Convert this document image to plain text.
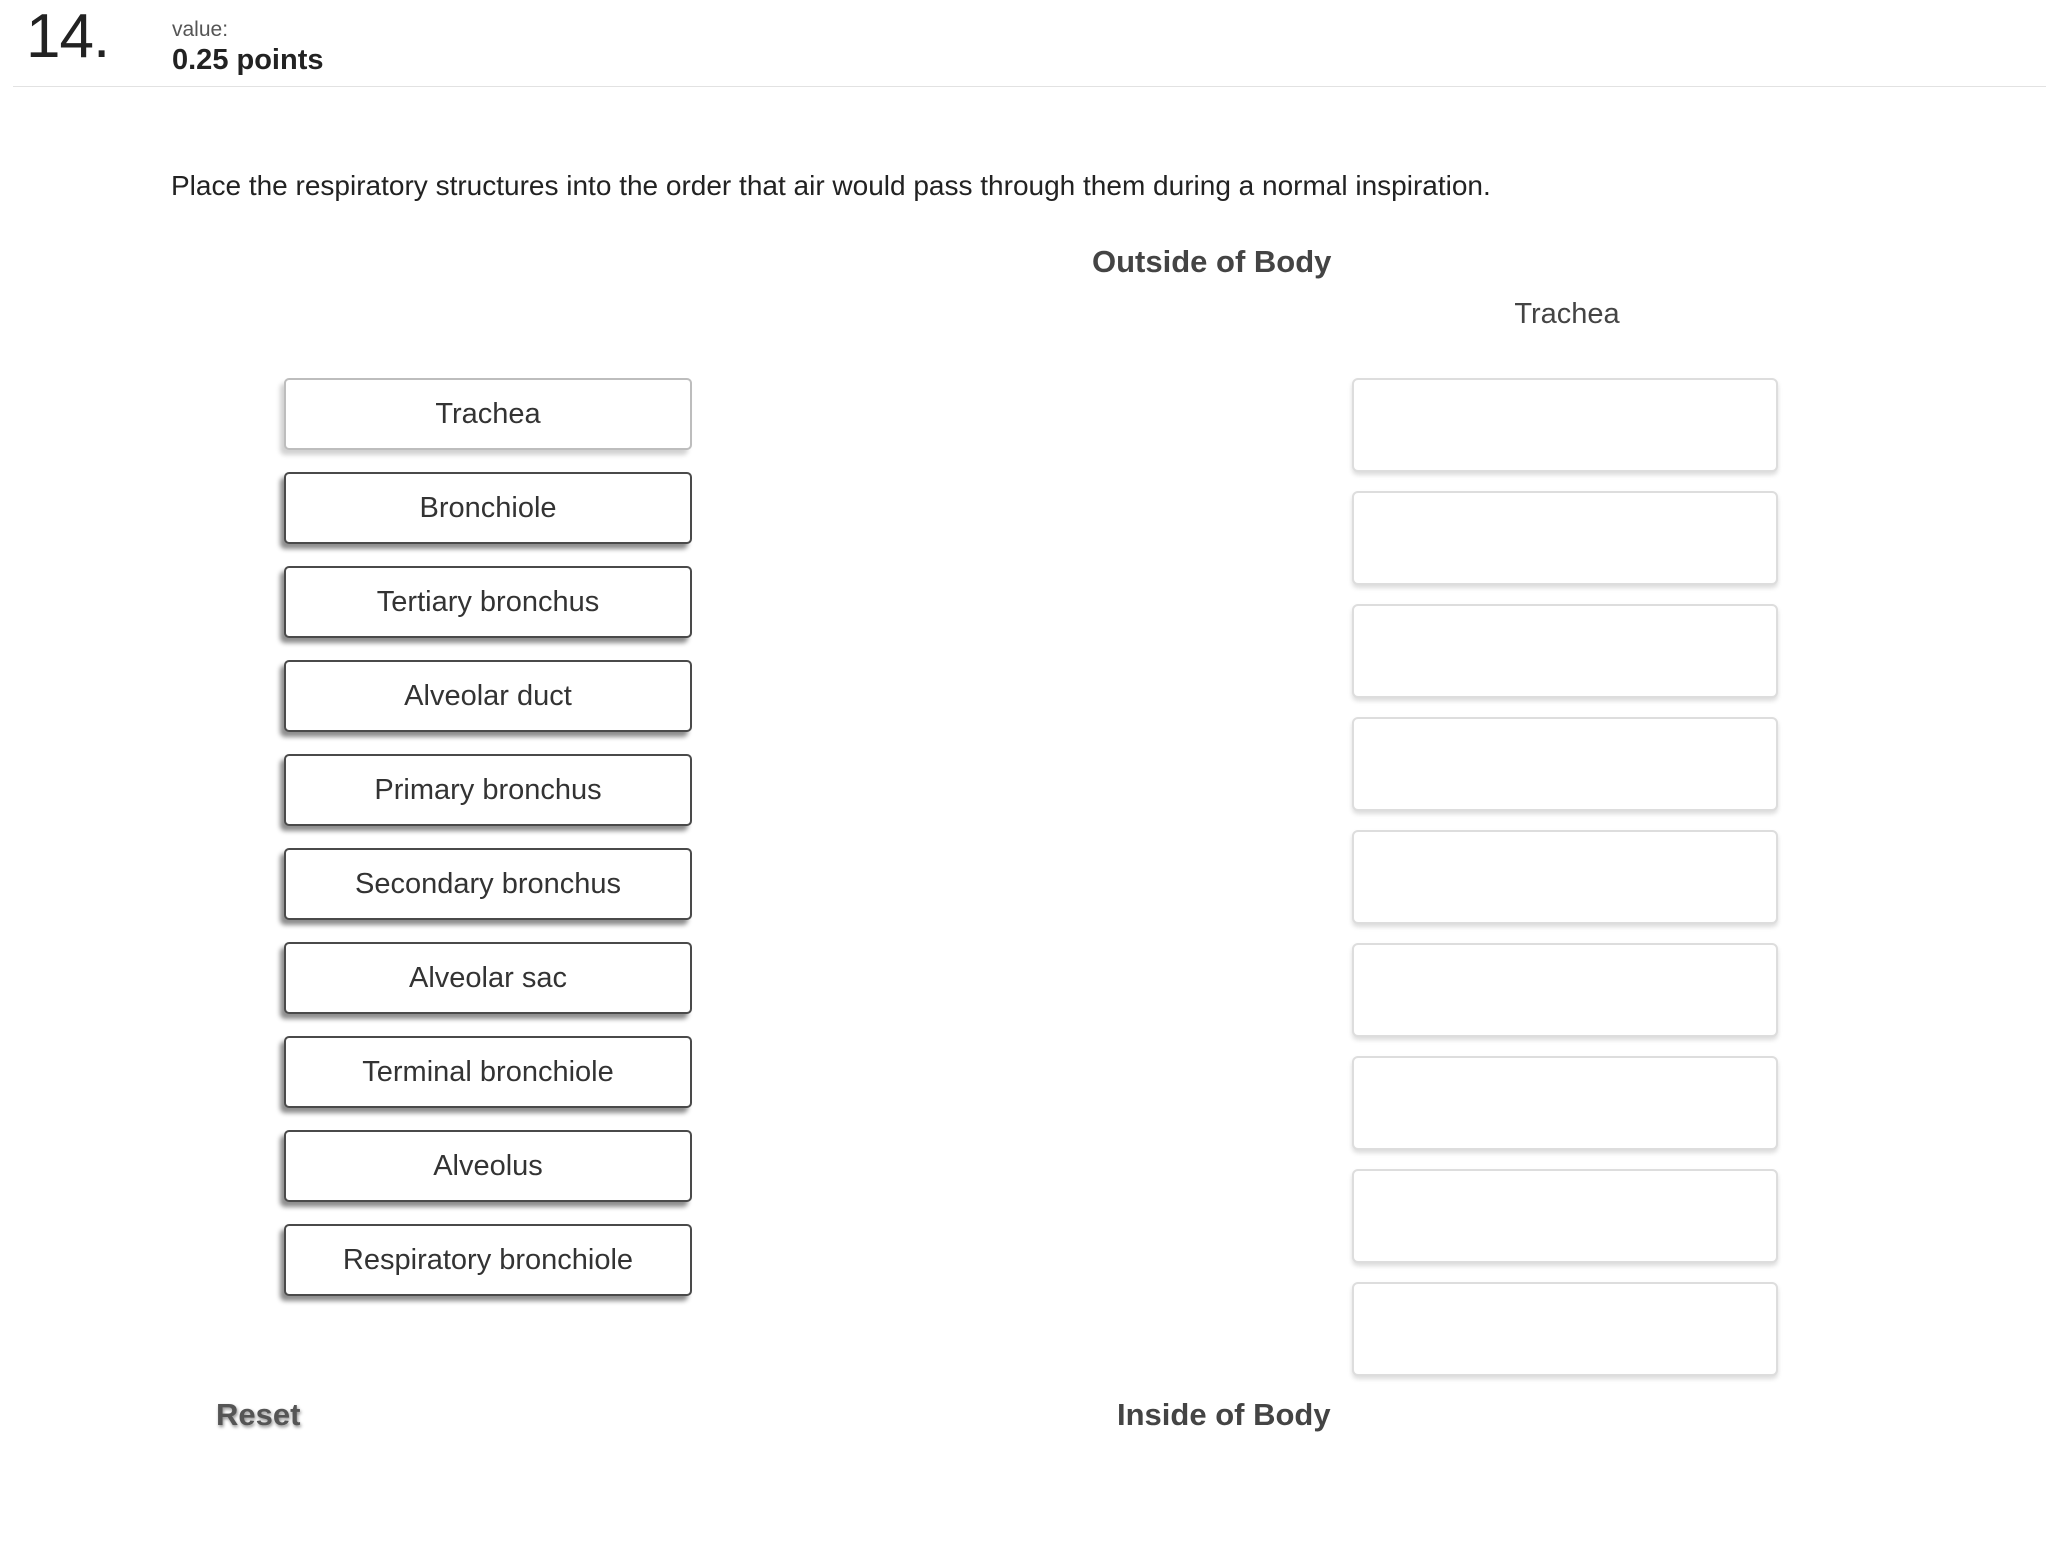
14.	value:
0.25 points
Place the respiratory structures into the order that air would pass through them during a normal inspiration.
Outside of Body
Trachea
Inside of Body
Trachea
Bronchiole
Tertiary bronchus
Alveolar duct
Primary bronchus
Secondary bronchus
Alveolar sac
Terminal bronchiole
Alveolus
Respiratory bronchiole
Reset
